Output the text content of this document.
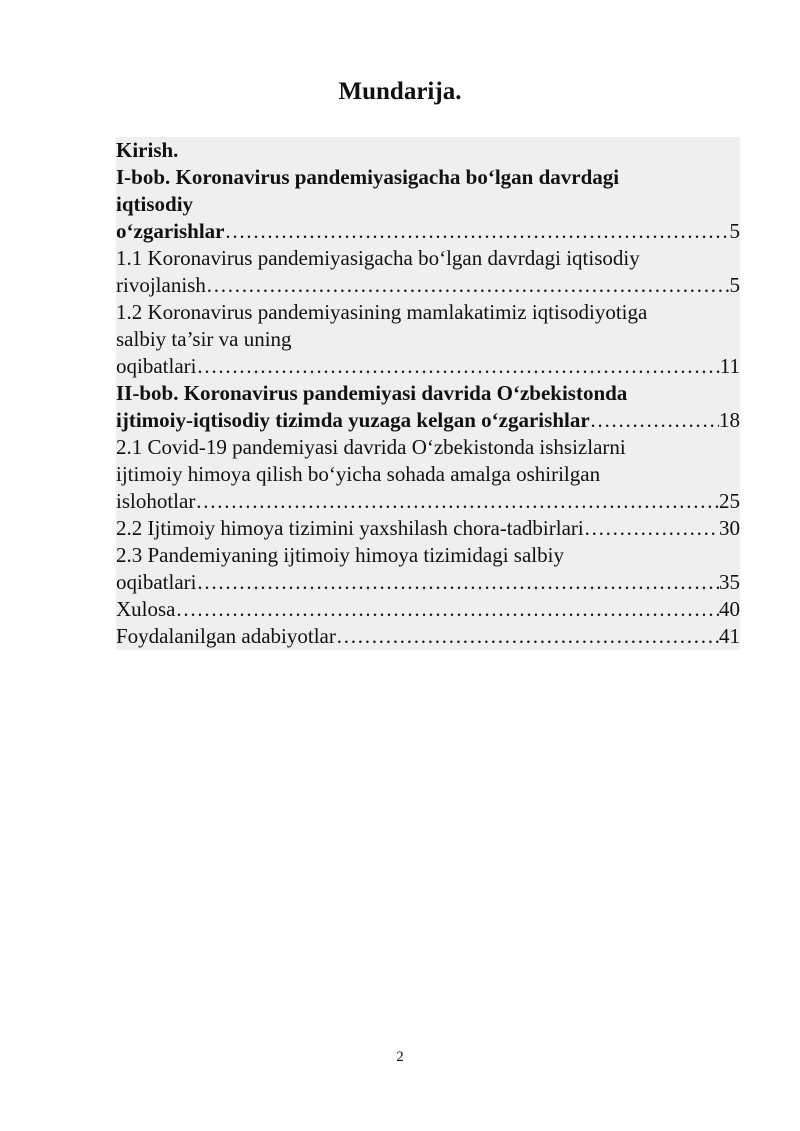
Mundarija.
Kirish.
I-bob. Koronavirus pandemiyasigacha bo‘lgan davrdagi
iqtisodiy
o‘zgarishlar ………………………………………………………………………………………………………………………………………………………………………………	5
1.1 Koronavirus pandemiyasigacha bo‘lgan davrdagi iqtisodiy
rivojlanish ………………………………………………………………………………………………………………………………………………………………………………	5
1.2 Koronavirus pandemiyasining mamlakatimiz iqtisodiyotiga
salbiy ta’sir va uning
oqibatlari ………………………………………………………………………………………………………………………………………………………………………………	11
II-bob. Koronavirus pandemiyasi davrida O‘zbekistonda
ijtimoiy-iqtisodiy tizimda yuzaga kelgan o‘zgarishlar ………………………………………………………………………………………………………………………………………………………………………………	18
2.1 Covid-19 pandemiyasi davrida O‘zbekistonda ishsizlarni
ijtimoiy himoya qilish bo‘yicha sohada amalga oshirilgan
islohotlar ………………………………………………………………………………………………………………………………………………………………………………	25
2.2 Ijtimoiy himoya tizimini yaxshilash chora-tadbirlari ………………………………………………………………………………………………………………………………………………………………………………	30
2.3 Pandemiyaning ijtimoiy himoya tizimidagi salbiy
oqibatlari ………………………………………………………………………………………………………………………………………………………………………………	35
Xulosa ………………………………………………………………………………………………………………………………………………………………………………	40
Foydalanilgan adabiyotlar ………………………………………………………………………………………………………………………………………………………………………………	41
2
